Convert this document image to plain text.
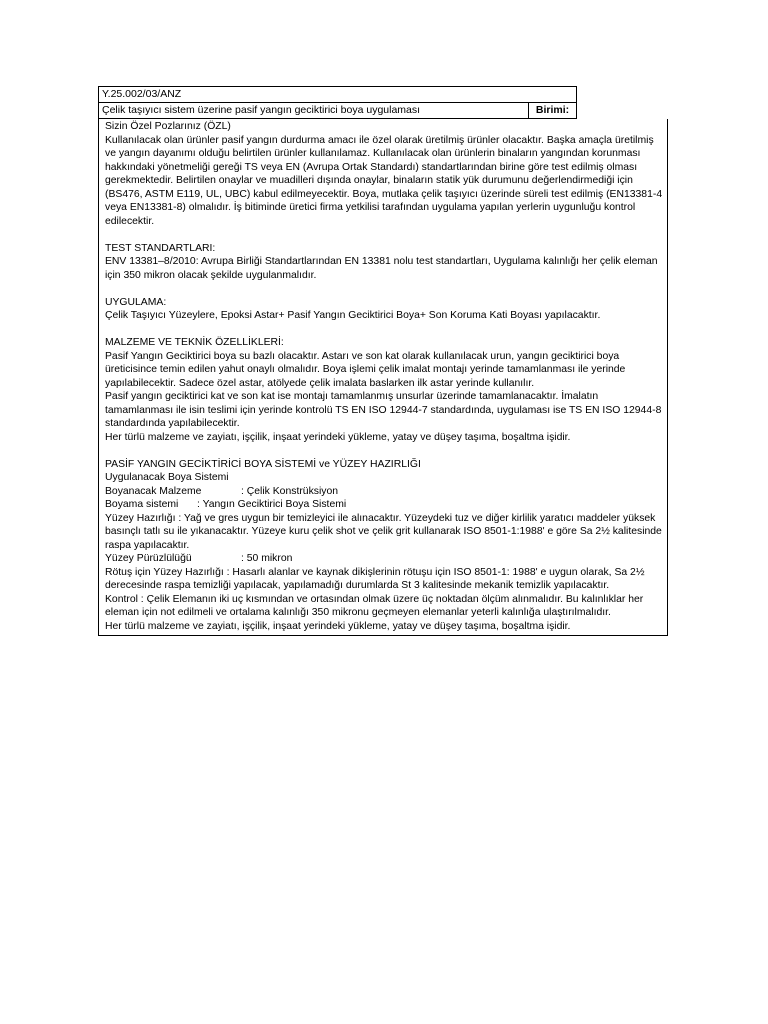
Y.25.002/03/ANZ
Çelik taşıyıcı sistem üzerine pasif yangın geciktirici boya uygulaması	Birimi:

Sizin Özel Pozlarınız (ÖZL)

Kullanılacak olan ürünler pasif yangın durdurma amacı ile özel olarak üretilmiş ürünler olacaktır. Başka amaçla üretilmiş ve yangın dayanımı olduğu belirtilen ürünler kullanılamaz. Kullanılacak olan ürünlerin binaların yangından korunması hakkındaki yönetmeliği gereği TS veya EN (Avrupa Ortak Standardı) standartlarından birine göre test edilmiş olması gerekmektedir. Belirtilen onaylar ve muadilleri dışında onaylar, binaların statik yük durumunu değerlendirmediği için (BS476, ASTM E119, UL, UBC) kabul edilmeyecektir. Boya, mutlaka çelik taşıyıcı üzerinde süreli test edilmiş (EN13381-4 veya EN13381-8) olmalıdır. İş bitiminde üretici firma yetkilisi tarafından uygulama yapılan yerlerin uygunluğu kontrol edilecektir.

TEST STANDARTLARI:

ENV 13381–8/2010: Avrupa Birliği Standartlarından EN 13381 nolu test standartları, Uygulama kalınlığı her çelik eleman için 350 mikron olacak şekilde uygulanmalıdır.

UYGULAMA:

Çelik Taşıyıcı Yüzeylere, Epoksi Astar+ Pasif Yangın Geciktirici Boya+ Son Koruma Kati Boyası yapılacaktır.

MALZEME VE TEKNİK ÖZELLİKLERİ:

Pasif Yangın Geciktirici boya su bazlı olacaktır. Astarı ve son kat olarak kullanılacak urun, yangın geciktirici boya üreticisince temin edilen yahut onaylı olmalıdır. Boya işlemi çelik imalat montajı yerinde tamamlanması ile yerinde yapılabilecektir. Sadece özel astar, atölyede çelik imalata baslarken ilk astar yerinde kullanılır.

Pasif yangın geciktirici kat ve son kat ise montajı tamamlanmış unsurlar üzerinde tamamlanacaktır. İmalatın tamamlanması ile isin teslimi için yerinde kontrolü TS EN ISO 12944-7 standardında, uygulaması ise TS EN ISO 12944-8 standardında yapılabilecektir.

Her türlü malzeme ve zayiatı, işçilik, inşaat yerindeki yükleme, yatay ve düşey taşıma, boşaltma işidir.

PASİF YANGIN GECİKTİRİCİ BOYA SİSTEMİ ve YÜZEY HAZIRLIĞI

Uygulanacak Boya Sistemi

Boyanacak Malzeme	: Çelik Konstrüksiyon
Boyama sistemi	: Yangın Geciktirici Boya Sistemi

Yüzey Hazırlığı : Yağ ve gres uygun bir temizleyici ile alınacaktır. Yüzeydeki tuz ve diğer kirlilik yaratıcı maddeler yüksek basınçlı tatlı su ile yıkanacaktır. Yüzeye kuru çelik shot ve çelik grit kullanarak ISO 8501-1:1988' e göre Sa 2½ kalitesinde raspa yapılacaktır.

Yüzey Pürüzlülüğü	: 50 mikron

Rötuş için Yüzey Hazırlığı : Hasarlı alanlar ve kaynak dikişlerinin rötuşu için ISO 8501-1: 1988' e uygun olarak, Sa 2½ derecesinde raspa temizliği yapılacak, yapılamadığı durumlarda St 3 kalitesinde mekanik temizlik yapılacaktır.

Kontrol : Çelik Elemanın iki uç kısmından ve ortasından olmak üzere üç noktadan ölçüm alınmalıdır. Bu kalınlıklar her eleman için not edilmeli ve ortalama kalınlığı 350 mikronu geçmeyen elemanlar yeterli kalınlığa ulaştırılmalıdır.

Her türlü malzeme ve zayiatı, işçilik, inşaat yerindeki yükleme, yatay ve düşey taşıma, boşaltma işidir.
